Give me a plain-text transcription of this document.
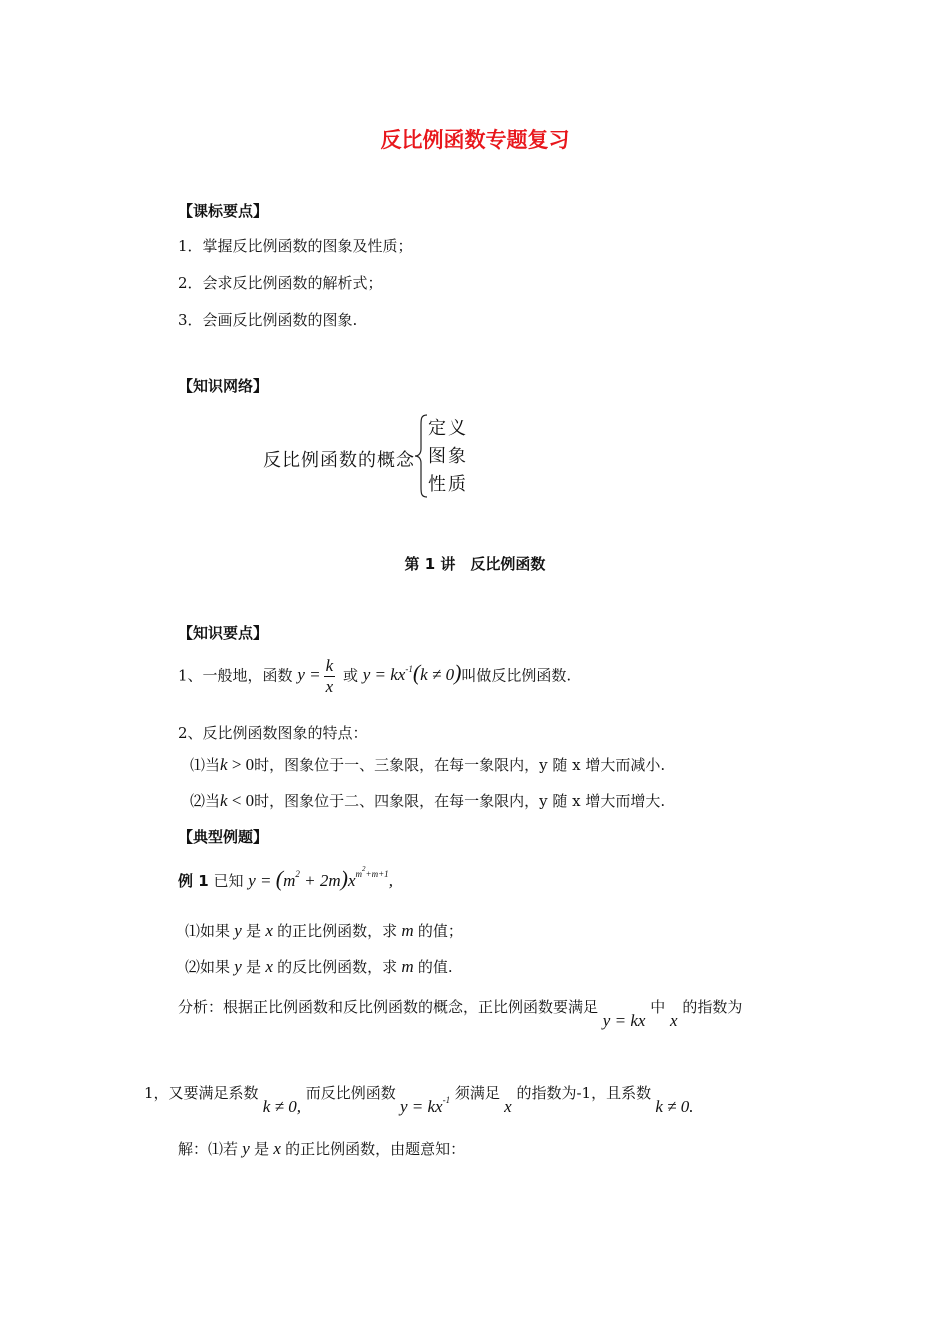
反比例函数专题复习
【课标要点】
1．掌握反比例函数的图象及性质；
2．会求反比例函数的解析式；
3．会画反比例函数的图象.
【知识网络】
反比例函数的概念
定义
图象
性质
第 1 讲　反比例函数
【知识要点】
1、一般地，函数 $y = \frac{k}{x}$ 或 $y = kx^{-1}(k \ne 0)$叫做反比例函数.
2、反比例函数图象的特点：
⑴当k > 0时，图象位于一、三象限，在每一象限内，y 随 x 增大而减小.
⑵当k < 0时，图象位于二、四象限，在每一象限内，y 随 x 增大而增大.
【典型例题】
例 1 已知 $y = (m^2 + 2m)x^{m^2+m+1}$,
⑴如果 y 是 x 的正比例函数，求 m 的值；
⑵如果 y 是 x 的反比例函数，求 m 的值.
分析：根据正比例函数和反比例函数的概念，正比例函数要满足 y = kx 中 x 的指数为
1，又要满足系数 k ≠ 0, 而反比例函数 $y = kx^{-1}$ 须满足 x 的指数为-1，且系数 k ≠ 0.
解：⑴若 y 是 x 的正比例函数，由题意知：
